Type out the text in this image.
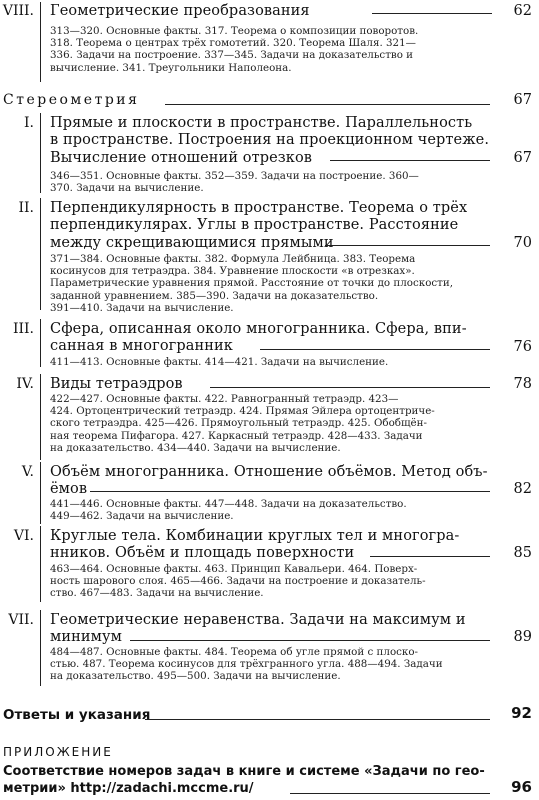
VIII. Геометрические преобразования	62
313—320. Основные факты. 317. Теорема о композиции поворотов.
318. Теорема о центрах трёх гомотетий. 320. Теорема Шаля. 321—
336. Задачи на построение. 337—345. Задачи на доказательство и
вычисление. 341. Треугольники Наполеона.
Стереометрия	67
I. Прямые и плоскости в пространстве. Параллельность
в пространстве. Построения на проекционном чертеже.
Вычисление отношений отрезков	67
346—351. Основные факты. 352—359. Задачи на построение. 360—
370. Задачи на вычисление.
II. Перпендикулярность в пространстве. Теорема о трёх
перпендикулярах. Углы в пространстве. Расстояние
между скрещивающимися прямыми	70
371—384. Основные факты. 382. Формула Лейбница. 383. Теорема
косинусов для тетраэдра. 384. Уравнение плоскости «в отрезках».
Параметрические уравнения прямой. Расстояние от точки до плоскости,
заданной уравнением. 385—390. Задачи на доказательство.
391—410. Задачи на вычисление.
III. Сфера, описанная около многогранника. Сфера, впи-
санная в многогранник	76
411—413. Основные факты. 414—421. Задачи на вычисление.
IV. Виды тетраэдров	78
422—427. Основные факты. 422. Равногранный тетраэдр. 423—
424. Ортоцентрический тетраэдр. 424. Прямая Эйлера ортоцентриче-
ского тетраэдра. 425—426. Прямоугольный тетраэдр. 425. Обобщён-
ная теорема Пифагора. 427. Каркасный тетраэдр. 428—433. Задачи
на доказательство. 434—440. Задачи на вычисление.
V. Объём многогранника. Отношение объёмов. Метод объ-
ёмов	82
441—446. Основные факты. 447—448. Задачи на доказательство.
449—462. Задачи на вычисление.
VI. Круглые тела. Комбинации круглых тел и многогра-
нников. Объём и площадь поверхности	85
463—464. Основные факты. 463. Принцип Кавальери. 464. Поверх-
ность шарового слоя. 465—466. Задачи на построение и доказатель-
ство. 467—483. Задачи на вычисление.
VII. Геометрические неравенства. Задачи на максимум и
минимум	89
484—487. Основные факты. 484. Теорема об угле прямой с плоско-
стью. 487. Теорема косинусов для трёхгранного угла. 488—494. Задачи
на доказательство. 495—500. Задачи на вычисление.
Ответы и указания	92
ПРИЛОЖЕНИЕ
Соответствие номеров задач в книге и системе «Задачи по гео-
метрии» http://zadachi.mccme.ru/	96
